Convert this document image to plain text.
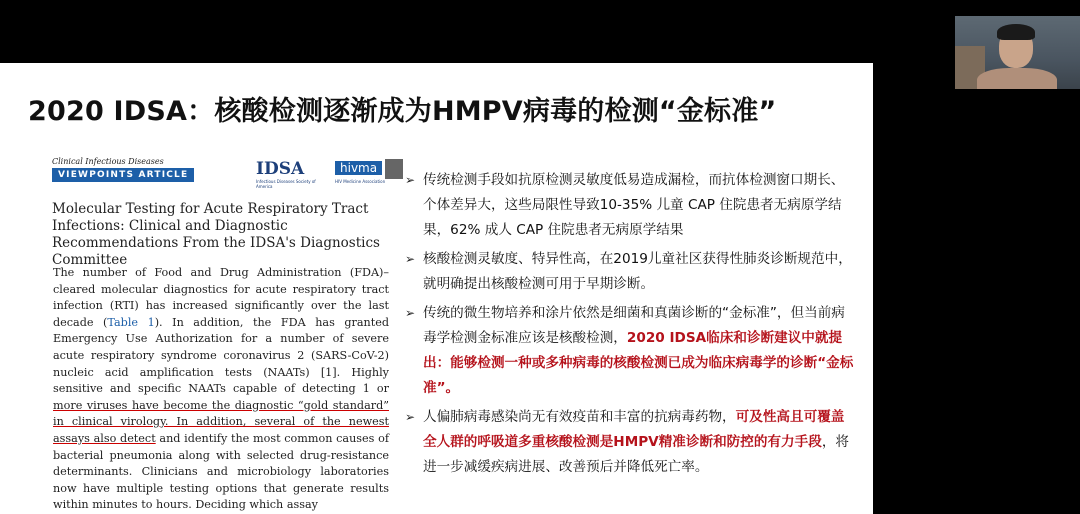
2020 IDSA：核酸检测逐渐成为HMPV病毒的检测“金标准”
Clinical Infectious Diseases
VIEWPOINTS ARTICLE	IDSA
Infectious Diseases Society of America
hivma
HIV Medicine Association
Molecular Testing for Acute Respiratory Tract Infections: Clinical and Diagnostic Recommendations From the IDSA's Diagnostics Committee
The number of Food and Drug Administration (FDA)–cleared molecular diagnostics for acute respiratory tract infection (RTI) has increased significantly over the last decade (Table 1). In addition, the FDA has granted Emergency Use Authorization for a number of severe acute respiratory syndrome coronavirus 2 (SARS-CoV-2) nucleic acid amplification tests (NAATs) [1]. Highly sensitive and specific NAATs capable of detecting 1 or more viruses have become the diagnostic “gold standard” in clinical virology. In addition, several of the newest assays also detect and identify the most common causes of bacterial pneumonia along with selected drug-resistance determinants. Clinicians and microbiology laboratories now have multiple testing options that generate results within minutes to hours. Deciding which assay
➢ 传统检测手段如抗原检测灵敏度低易造成漏检，而抗体检测窗口期长、个体差异大，这些局限性导致10-35% 儿童 CAP 住院患者无病原学结果，62% 成人 CAP 住院患者无病原学结果
➢ 核酸检测灵敏度、特异性高，在2019儿童社区获得性肺炎诊断规范中，就明确提出核酸检测可用于早期诊断。
➢ 传统的微生物培养和涂片依然是细菌和真菌诊断的“金标准”，但当前病毒学检测金标准应该是核酸检测，2020 IDSA临床和诊断建议中就提出：能够检测一种或多种病毒的核酸检测已成为临床病毒学的诊断“金标准”。
➢ 人偏肺病毒感染尚无有效疫苗和丰富的抗病毒药物，可及性高且可覆盖全人群的呼吸道多重核酸检测是HMPV精准诊断和防控的有力手段，将进一步减缓疾病进展、改善预后并降低死亡率。
